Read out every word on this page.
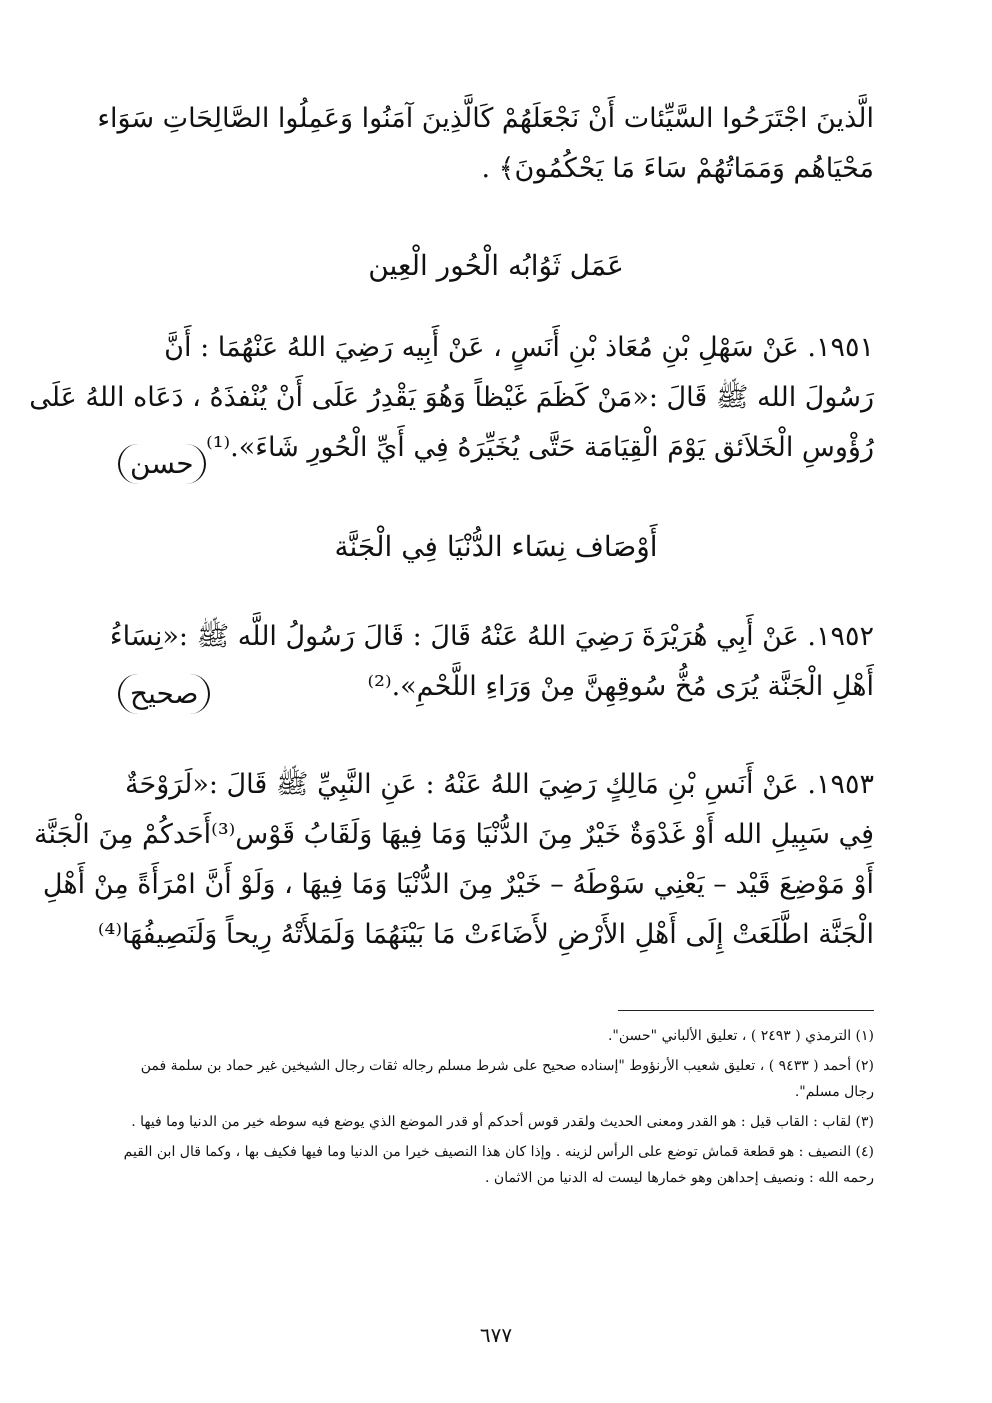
الَّذينَ اجْتَرَحُوا السَّيِّئات أَنْ نَجْعَلَهُمْ كَالَّذِينَ آمَنُوا وَعَمِلُوا الصَّالِحَاتِ سَوَاء
مَحْيَاهُم وَمَمَاتُهُمْ سَاءَ مَا يَحْكُمُونَ﴾ .
عَمَل ثَوُابُه الْحُور الْعِين
١٩٥١. عَنْ سَهْلِ بْنِ مُعَاذ بْنِ أَنَسٍ ، عَنْ أَبِيه رَضِيَ اللهُ عَنْهُمَا : أَنَّ
رَسُولَ الله ﷺ قَالَ :«مَنْ كَظَمَ غَيْظاً وَهُوَ يَقْدِرُ عَلَى أَنْ يُنْفذَهُ ، دَعَاه اللهُ عَلَى
رُؤْوسِ الْخَلاَئق يَوْمَ الْقِيَامَة حَتَّى يُخَيِّرَهُ فِي أَيِّ الْحُورِ شَاءَ».⁽¹⁾
حسن
أَوْصَاف نِسَاء الدُّنْيَا فِي الْجَنَّة
١٩٥٢. عَنْ أَبِي هُرَيْرَةَ رَضِيَ اللهُ عَنْهُ قَالَ : قَالَ رَسُولُ اللَّه ﷺ :«نِسَاءُ
أَهْلِ الْجَنَّة يُرَى مُخُّ سُوقِهِنَّ مِنْ وَرَاءِ اللَّحْمِ».⁽²⁾
صحيح
١٩٥٣. عَنْ أَنَسِ بْنِ مَالِكٍ رَضِيَ اللهُ عَنْهُ : عَنِ النَّبِيِّ ﷺ قَالَ :«لَرَوْحَةٌ
فِي سَبِيلِ الله أَوْ غَدْوَةٌ خَيْرٌ مِنَ الدُّنْيَا وَمَا فِيهَا وَلَقَابُ قَوْس⁽³⁾أَحَدكُمْ مِنَ الْجَنَّة
أَوْ مَوْضِعَ قَيْد – يَعْنِي سَوْطَهُ – خَيْرٌ مِنَ الدُّنْيَا وَمَا فِيهَا ، وَلَوْ أَنَّ امْرَأَةً مِنْ أَهْلِ
الْجَنَّة اطَّلَعَتْ إِلَى أَهْلِ الأَرْضِ لأَضَاءَتْ مَا بَيْنَهُمَا وَلَمَلأَتْهُ رِيحاً وَلَنَصِيفُهَا⁽⁴⁾

(١) الترمذي ( ٢٤٩٣ ) ، تعليق الألباني "حسن".

(٢) أحمد ( ٩٤٣٣ ) ، تعليق شعيب الأرنؤوط "إسناده صحيح على شرط مسلم رجاله ثقات رجال الشيخين غير حماد بن سلمة فمن رجال مسلم".

(٣) لقاب : القاب قيل : هو القدر ومعنى الحديث ولقدر قوس أحدكم أو قدر الموضع الذي يوضع فيه سوطه خير من الدنيا وما فيها .

(٤) النصيف : هو قطعة قماش توضع على الرأس لزينه . وإذا كان هذا النصيف خيرا من الدنيا وما فيها فكيف بها ، وكما قال ابن القيم رحمه الله : ونصيف إحداهن وهو خمارها ليست له الدنيا من الاثمان .

٦٧٧
